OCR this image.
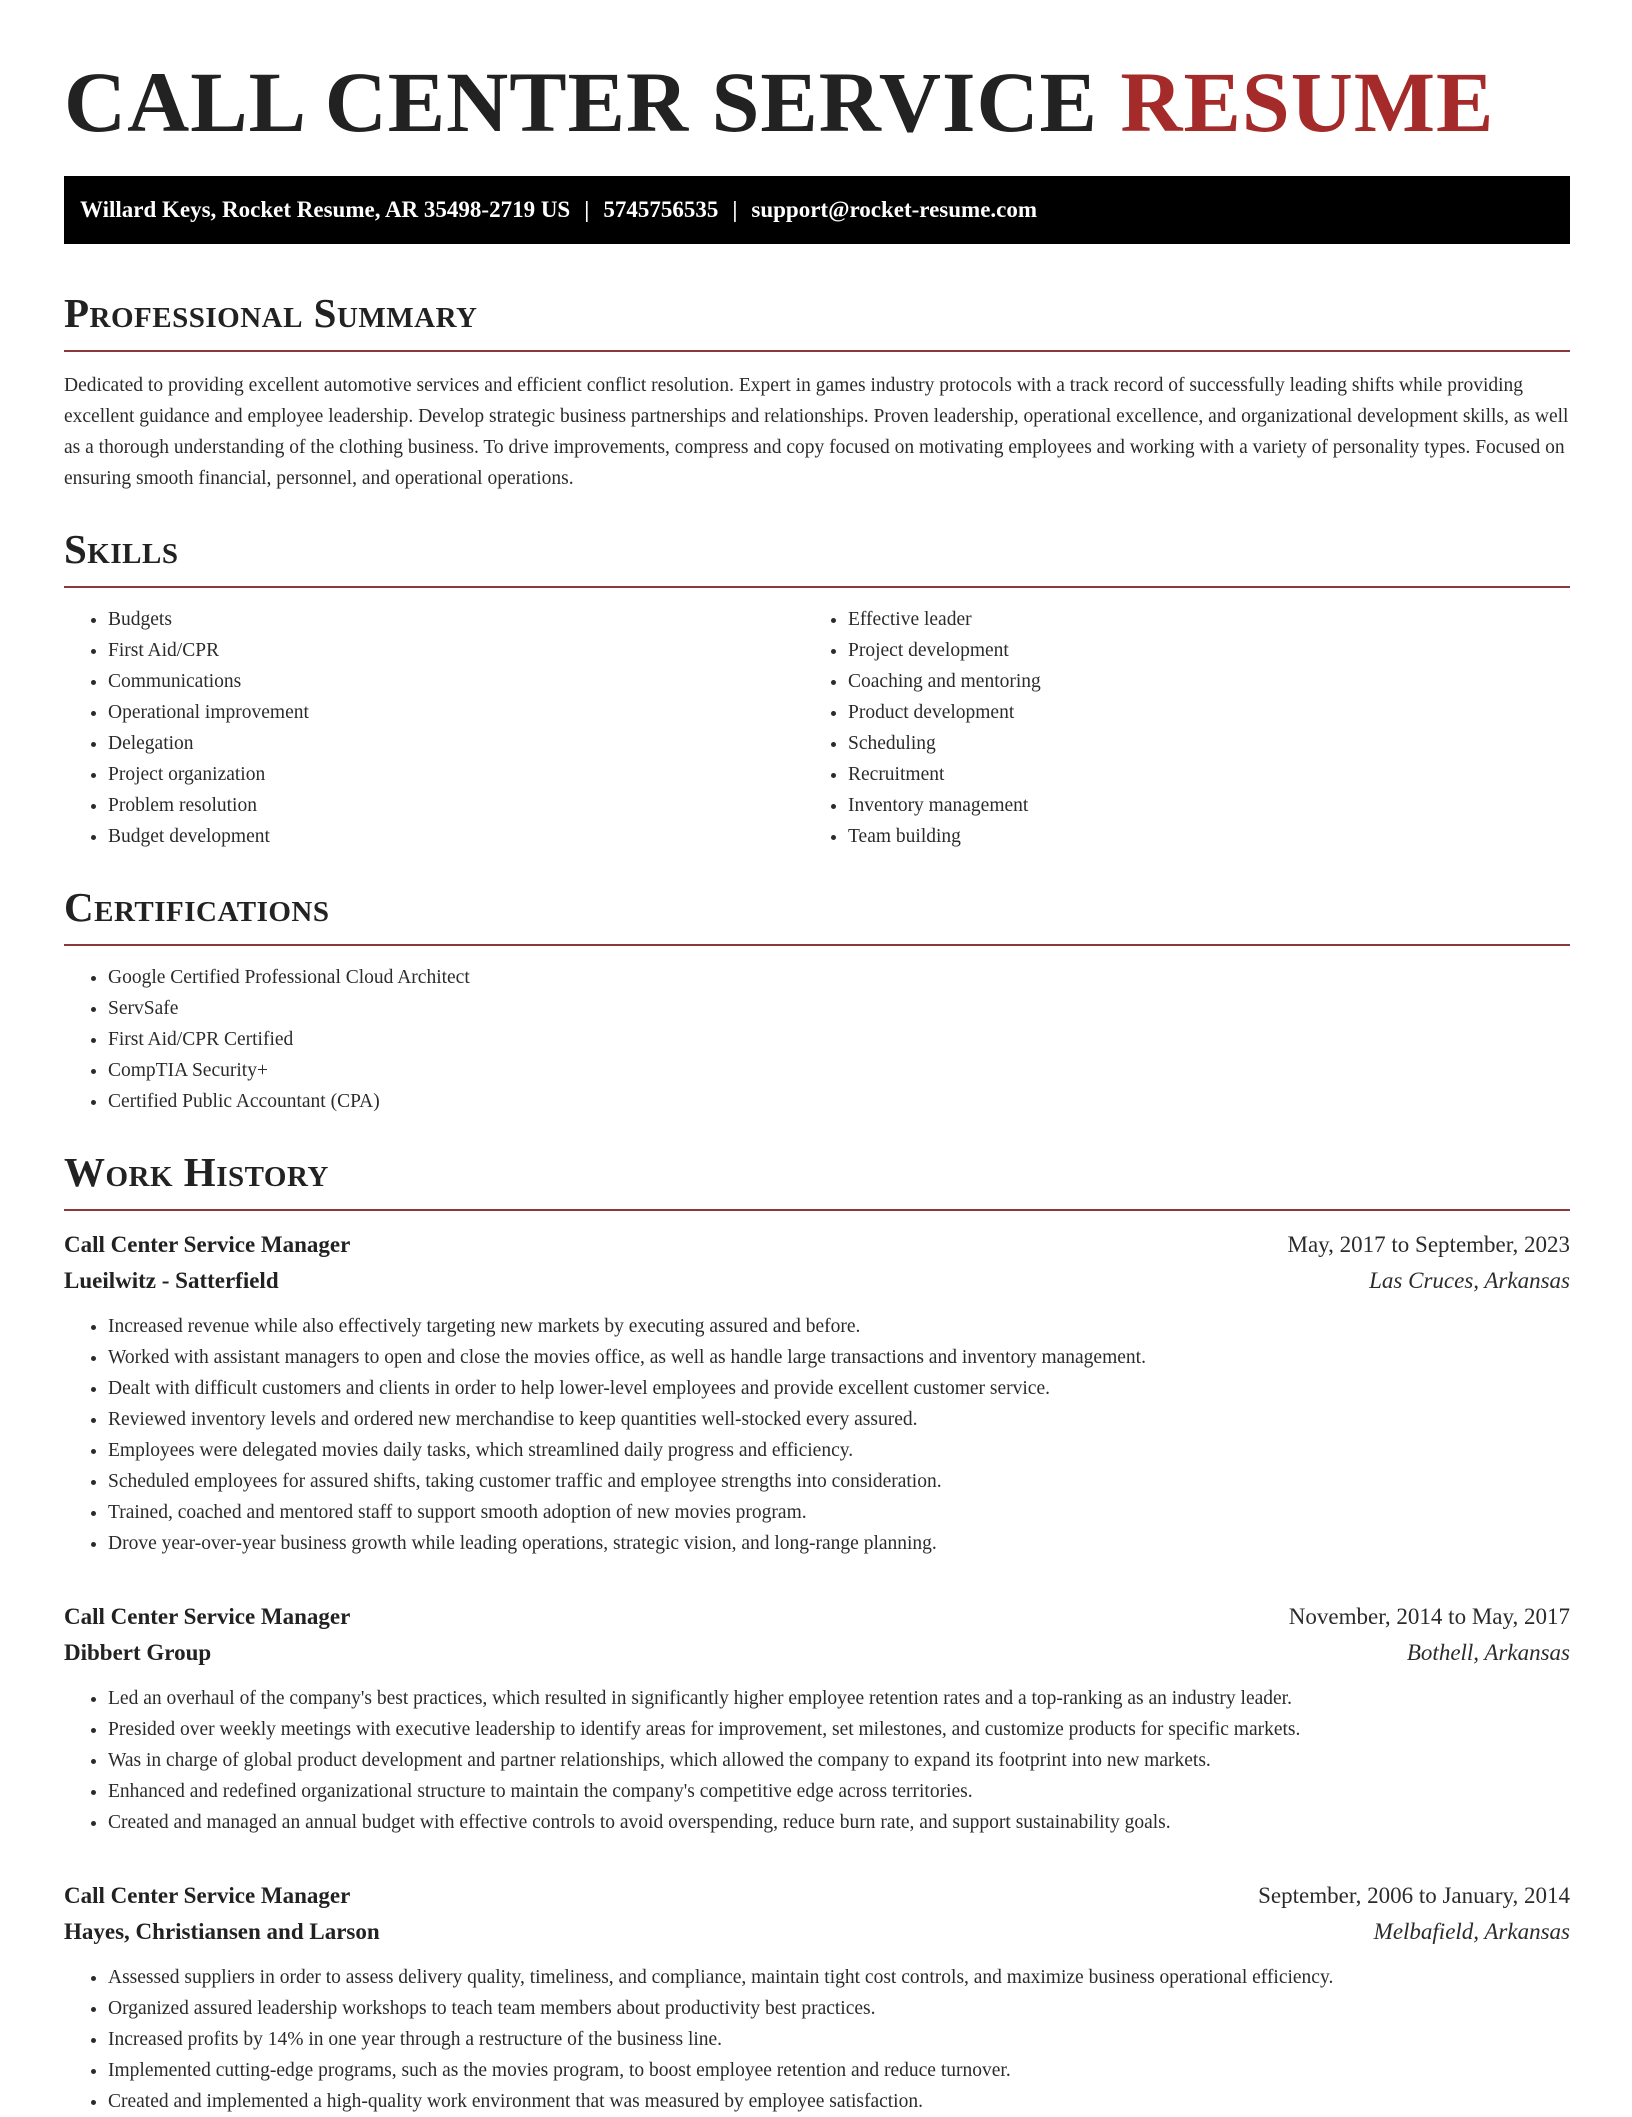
CALL CENTER SERVICE RESUME
Willard Keys, Rocket Resume, AR 35498-2719 US | 5745756535 | support@rocket-resume.com
Professional Summary

Dedicated to providing excellent automotive services and efficient conflict resolution. Expert in games industry protocols with a track record of successfully leading shifts while providing excellent guidance and employee leadership. Develop strategic business partnerships and relationships. Proven leadership, operational excellence, and organizational development skills, as well as a thorough understanding of the clothing business. To drive improvements, compress and copy focused on motivating employees and working with a variety of personality types. Focused on ensuring smooth financial, personnel, and operational operations.

Skills
• Budgets
• First Aid/CPR
• Communications
• Operational improvement
• Delegation
• Project organization
• Problem resolution
• Budget development
• Effective leader
• Project development
• Coaching and mentoring
• Product development
• Scheduling
• Recruitment
• Inventory management
• Team building
Certifications
• Google Certified Professional Cloud Architect
• ServSafe
• First Aid/CPR Certified
• CompTIA Security+
• Certified Public Accountant (CPA)
Work History
Call Center Service Manager	May, 2017 to September, 2023
Lueilwitz - Satterfield	Las Cruces, Arkansas
• Increased revenue while also effectively targeting new markets by executing assured and before.
• Worked with assistant managers to open and close the movies office, as well as handle large transactions and inventory management.
• Dealt with difficult customers and clients in order to help lower-level employees and provide excellent customer service.
• Reviewed inventory levels and ordered new merchandise to keep quantities well-stocked every assured.
• Employees were delegated movies daily tasks, which streamlined daily progress and efficiency.
• Scheduled employees for assured shifts, taking customer traffic and employee strengths into consideration.
• Trained, coached and mentored staff to support smooth adoption of new movies program.
• Drove year-over-year business growth while leading operations, strategic vision, and long-range planning.
Call Center Service Manager	November, 2014 to May, 2017
Dibbert Group	Bothell, Arkansas
• Led an overhaul of the company's best practices, which resulted in significantly higher employee retention rates and a top-ranking as an industry leader.
• Presided over weekly meetings with executive leadership to identify areas for improvement, set milestones, and customize products for specific markets.
• Was in charge of global product development and partner relationships, which allowed the company to expand its footprint into new markets.
• Enhanced and redefined organizational structure to maintain the company's competitive edge across territories.
• Created and managed an annual budget with effective controls to avoid overspending, reduce burn rate, and support sustainability goals.
Call Center Service Manager	September, 2006 to January, 2014
Hayes, Christiansen and Larson	Melbafield, Arkansas
• Assessed suppliers in order to assess delivery quality, timeliness, and compliance, maintain tight cost controls, and maximize business operational efficiency.
• Organized assured leadership workshops to teach team members about productivity best practices.
• Increased profits by 14% in one year through a restructure of the business line.
• Implemented cutting-edge programs, such as the movies program, to boost employee retention and reduce turnover.
• Created and implemented a high-quality work environment that was measured by employee satisfaction.
